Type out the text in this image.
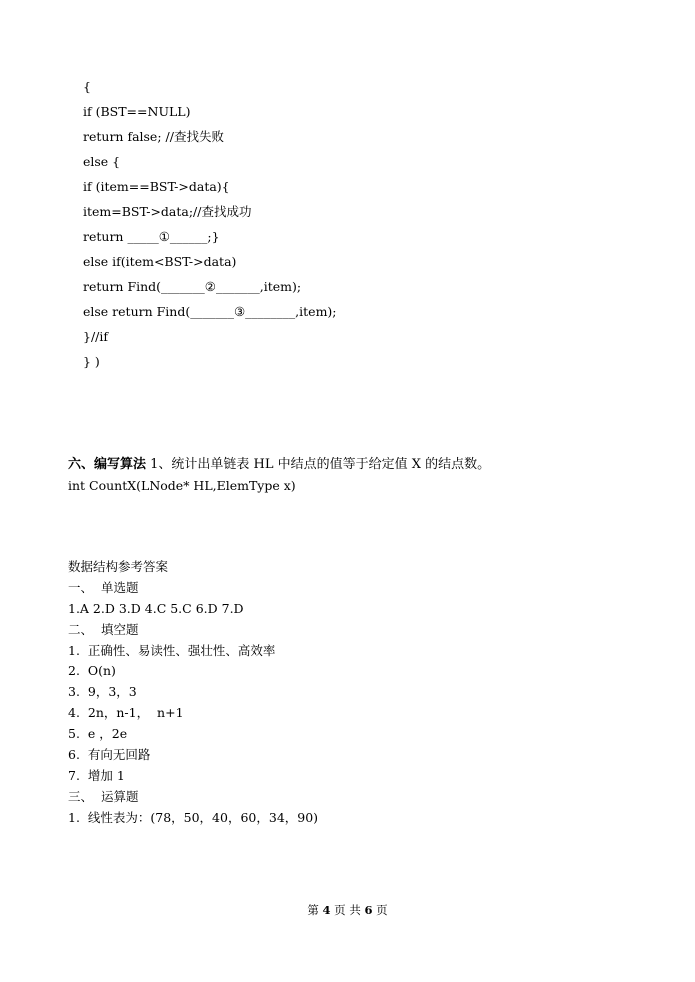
{
if (BST==NULL)
return false; //查找失败
else {
if (item==BST->data){
item=BST->data;//查找成功
return _____①______;}
else if(item<BST->data)
return Find(_______②_______,item);
else return Find(_______③________,item);
}//if
} )
六、编写算法 1、统计出单链表 HL 中结点的值等于给定值 X 的结点数。
int CountX(LNode* HL,ElemType x)
数据结构参考答案
一、  单选题
1.A 2.D 3.D 4.C 5.C 6.D 7.D
二、  填空题
1.  正确性、易读性、强壮性、高效率
2.  O(n)
3.  9，3，3
4.  2n，n-1，  n+1
5.  e ，2e
6.  有向无回路
7.  增加 1
三、  运算题
1.  线性表为：(78，50，40，60，34，90)
第 4 页 共 6 页
